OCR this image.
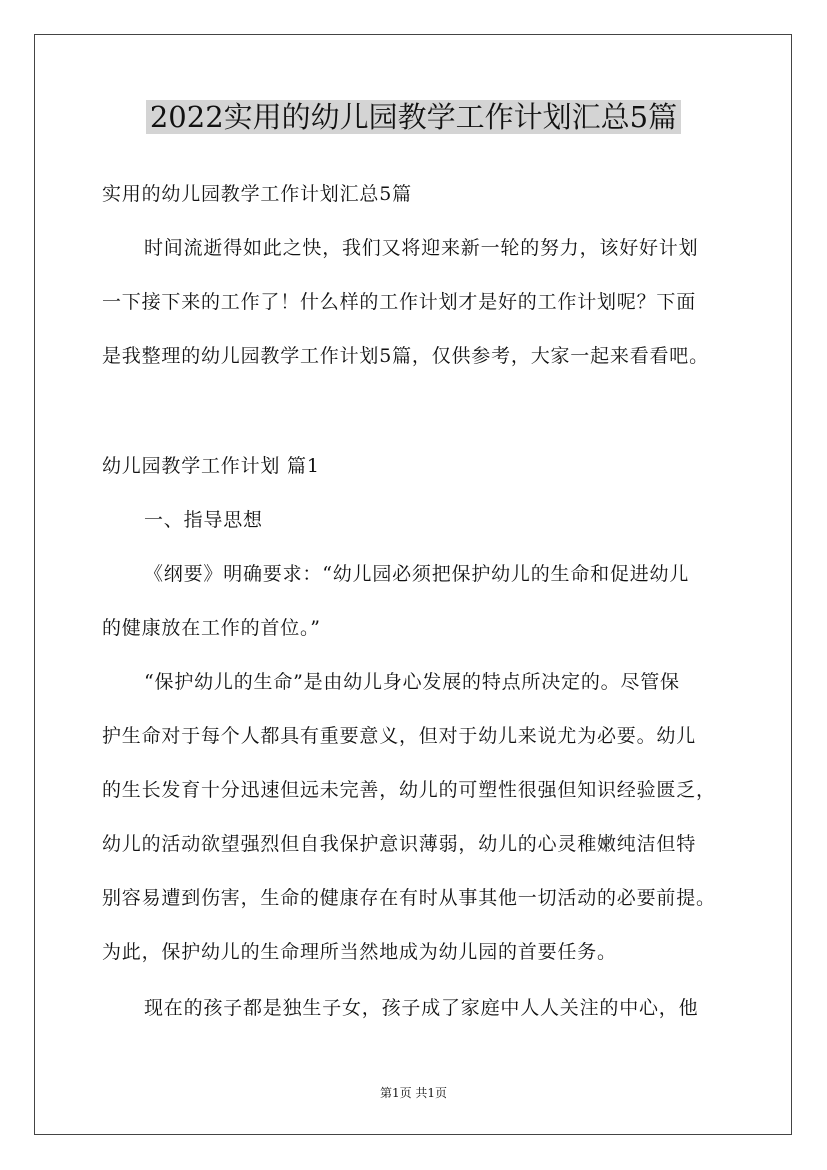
2022实用的幼儿园教学工作计划汇总5篇
实用的幼儿园教学工作计划汇总5篇
时间流逝得如此之快，我们又将迎来新一轮的努力，该好好计划
一下接下来的工作了！什么样的工作计划才是好的工作计划呢？下面
是我整理的幼儿园教学工作计划5篇，仅供参考，大家一起来看看吧。
幼儿园教学工作计划 篇1
一、指导思想
《纲要》明确要求：“幼儿园必须把保护幼儿的生命和促进幼儿
的健康放在工作的首位。”
“保护幼儿的生命”是由幼儿身心发展的特点所决定的。尽管保
护生命对于每个人都具有重要意义，但对于幼儿来说尤为必要。幼儿
的生长发育十分迅速但远未完善，幼儿的可塑性很强但知识经验匮乏，
幼儿的活动欲望强烈但自我保护意识薄弱，幼儿的心灵稚嫩纯洁但特
别容易遭到伤害，生命的健康存在有时从事其他一切活动的必要前提。
为此，保护幼儿的生命理所当然地成为幼儿园的首要任务。
现在的孩子都是独生子女，孩子成了家庭中人人关注的中心，他
第1页 共1页
